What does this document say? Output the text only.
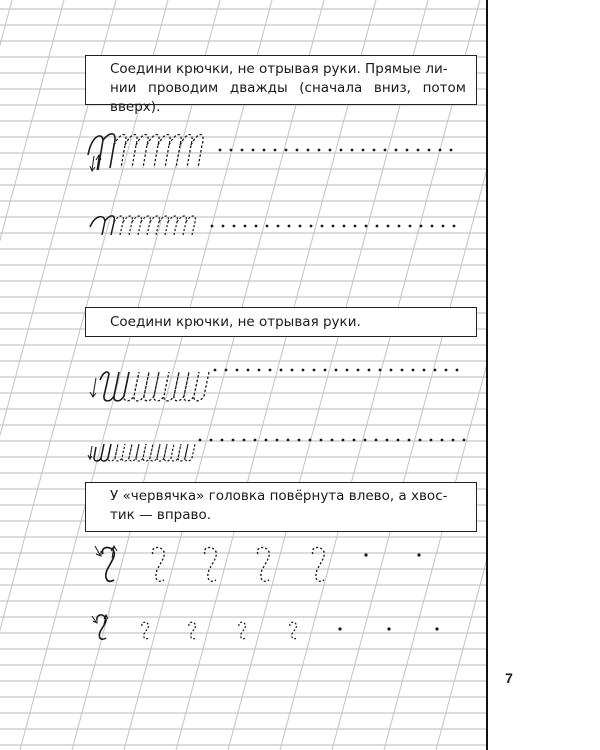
Соедини крючки, не отрывая руки. Прямые ли-
нии проводим дважды (сначала вниз, потом вверх).
Соедини крючки, не отрывая руки.
У «червячка» головка повёрнута влево, а хвос-
тик — вправо.
7
